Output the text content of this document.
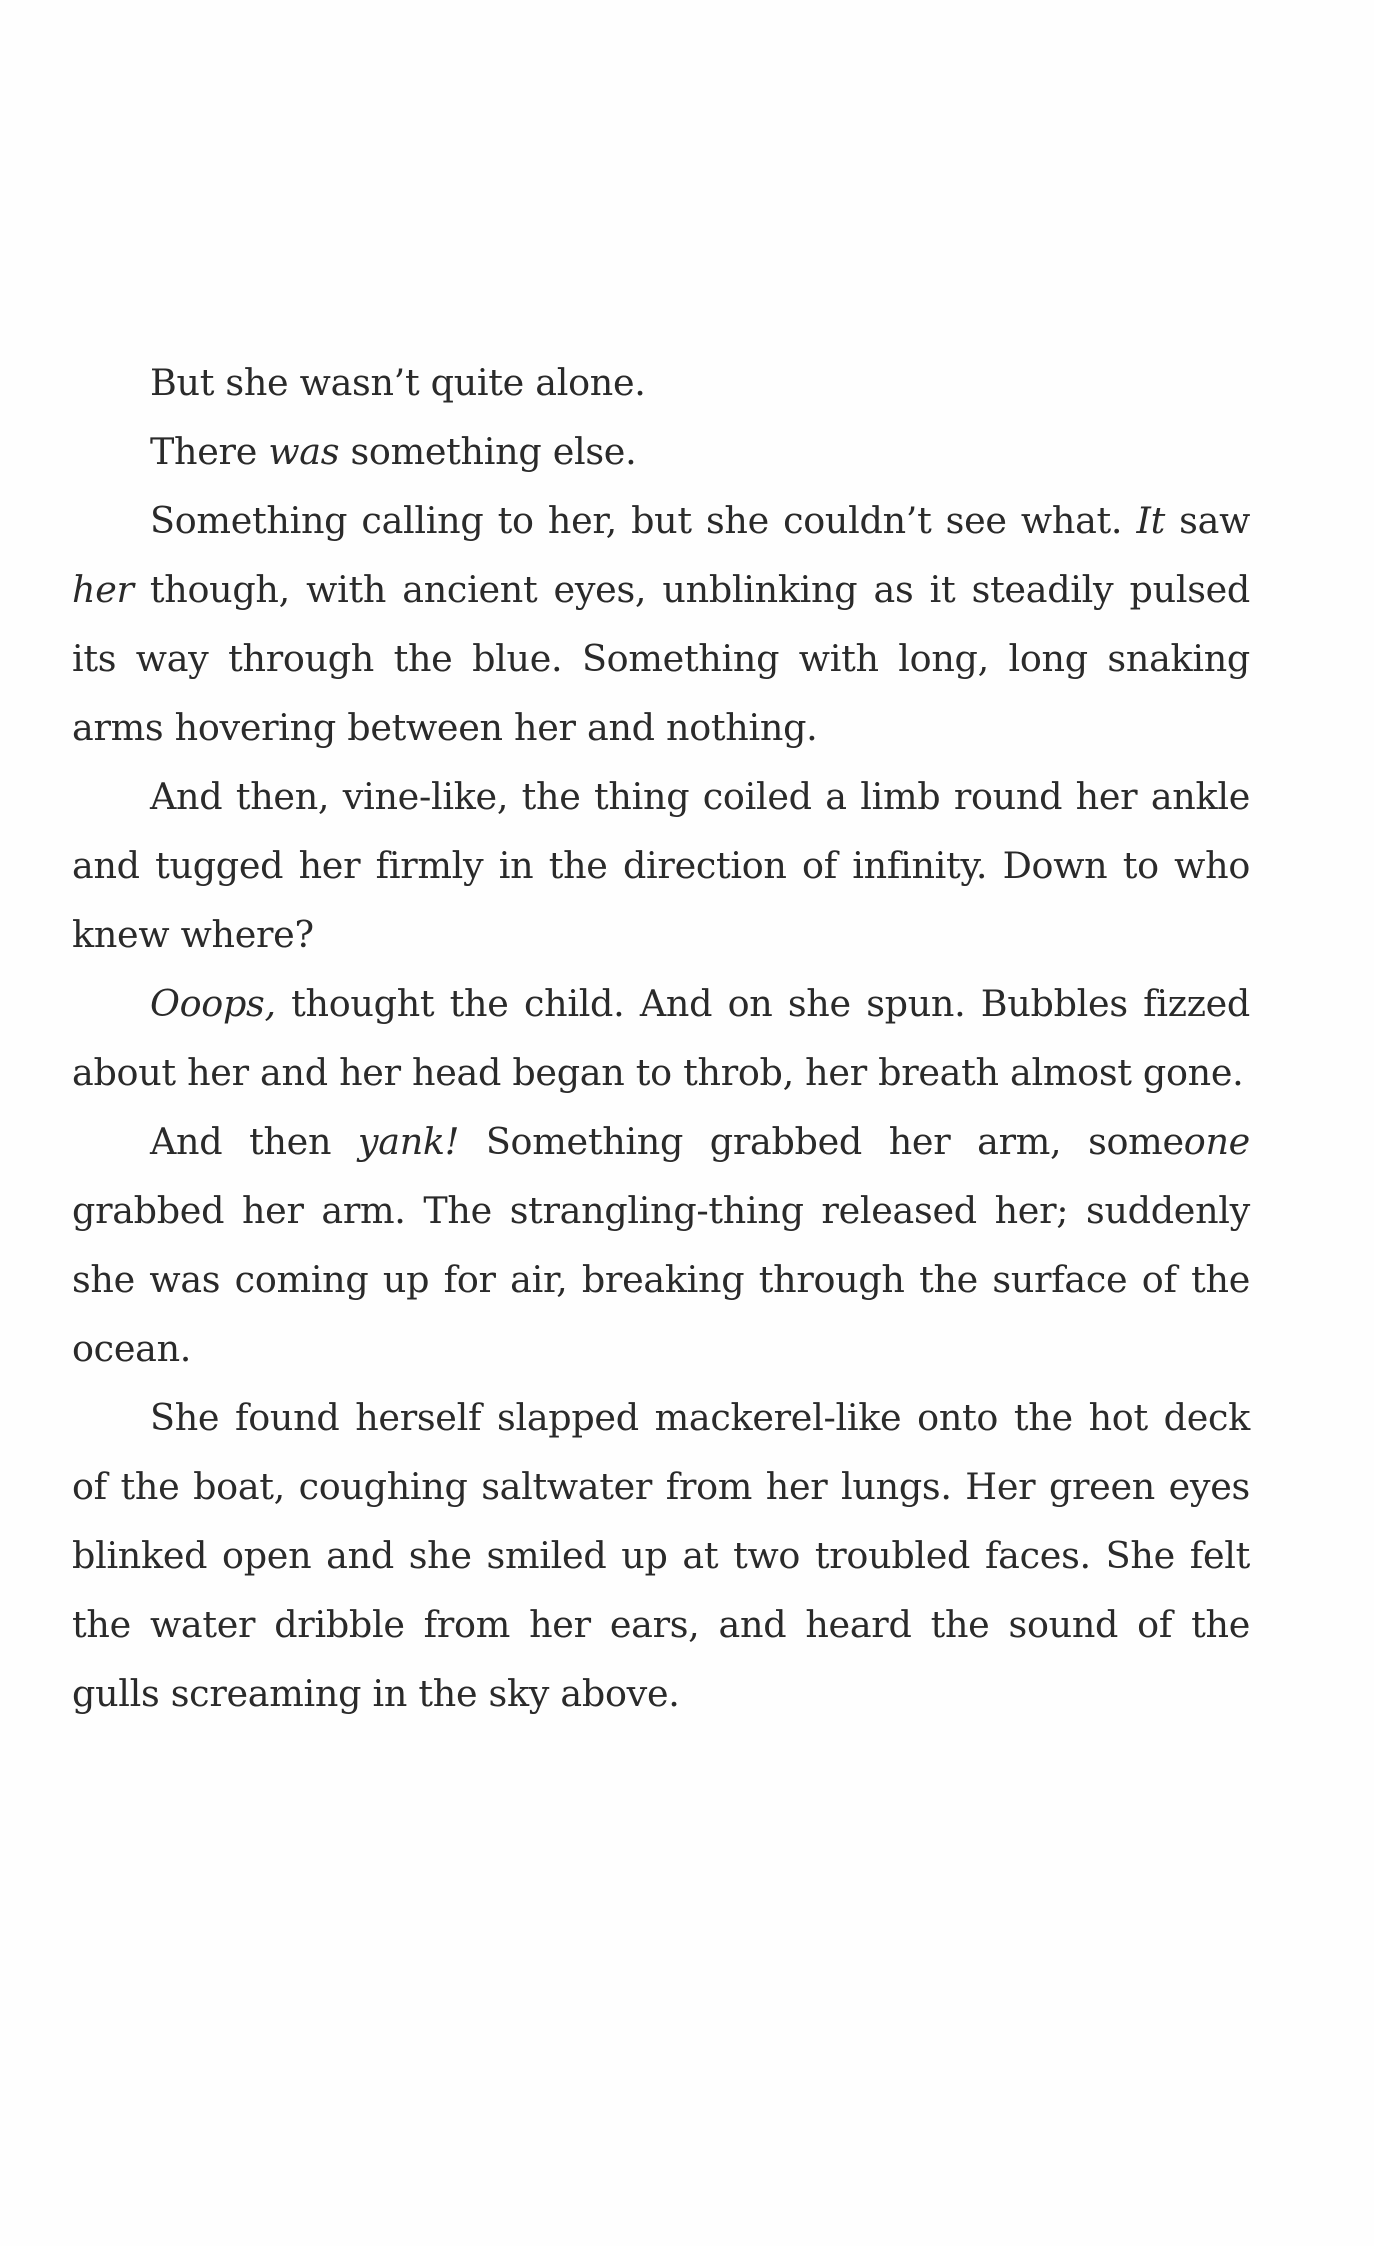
But she wasn’t quite alone.

There was something else.

Something calling to her, but she couldn’t see what. It saw her though, with ancient eyes, unblinking as it steadily pulsed its way through the blue. Something with long, long snaking arms hovering between her and nothing.

And then, vine-like, the thing coiled a limb round her ankle and tugged her firmly in the direction of infinity. Down to who knew where?

Ooops, thought the child. And on she spun. Bubbles fizzed about her and her head began to throb, her breath almost gone.

And then yank! Something grabbed her arm, someone grabbed her arm. The strangling-thing released her; suddenly she was coming up for air, breaking through the surface of the ocean.

She found herself slapped mackerel-like onto the hot deck of the boat, coughing saltwater from her lungs. Her green eyes blinked open and she smiled up at two troubled faces. She felt the water dribble from her ears, and heard the sound of the gulls screaming in the sky above.
